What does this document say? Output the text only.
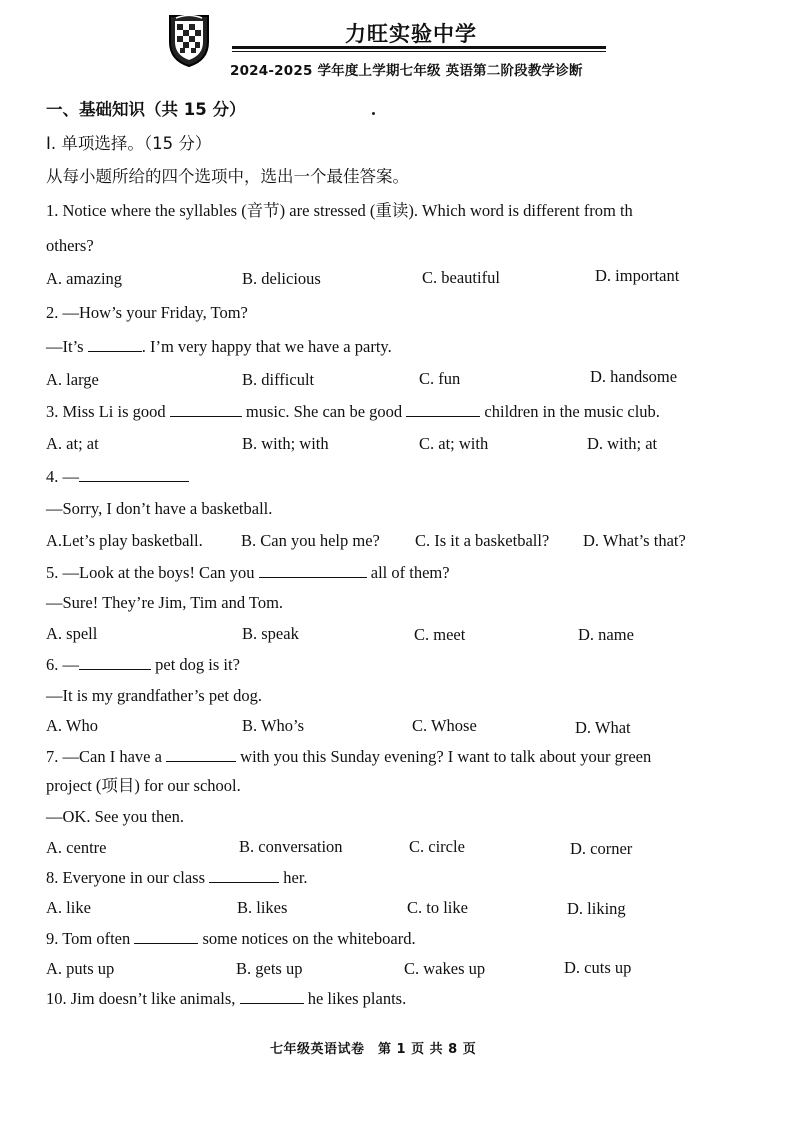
力旺实验中学
2024-2025 学年度上学期七年级 英语第二阶段教学诊断
一、基础知识（共 15 分）
I. 单项选择。（15 分）
从每小题所给的四个选项中，选出一个最佳答案。
1. Notice where the syllables (音节) are stressed (重读). Which word is different from th
others?
A. amazing	B. delicious	C. beautiful	D. important
2. —How’s your Friday, Tom?
—It’s	. I’m very happy that we have a party.
A. large	B. difficult	C. fun	D. handsome
3. Miss Li is good	music. She can be good	children in the music club.
A. at; at	B. with; with	C. at; with	D. with; at
4. —
—Sorry, I don’t have a basketball.
A.Let’s play basketball. B. Can you help me? C. Is it a basketball? D. What’s that?
5. —Look at the boys! Can you	all of them?
—Sure! They’re Jim, Tim and Tom.
A. spell	B. speak	C. meet	D. name
6. —	pet dog is it?
—It is my grandfather’s pet dog.
A. Who	B. Who’s	C. Whose	D. What
7. —Can I have a	with you this Sunday evening? I want to talk about your green
project (项目) for our school.
—OK. See you then.
A. centre	B. conversation	C. circle	D. corner
8. Everyone in our class	her.
A. like	B. likes	C. to like	D. liking
9. Tom often	some notices on the whiteboard.
A. puts up	B. gets up	C. wakes up	D. cuts up
10. Jim doesn’t like animals,	he likes plants.
七年级英语试卷　第 1 页 共 8 页
